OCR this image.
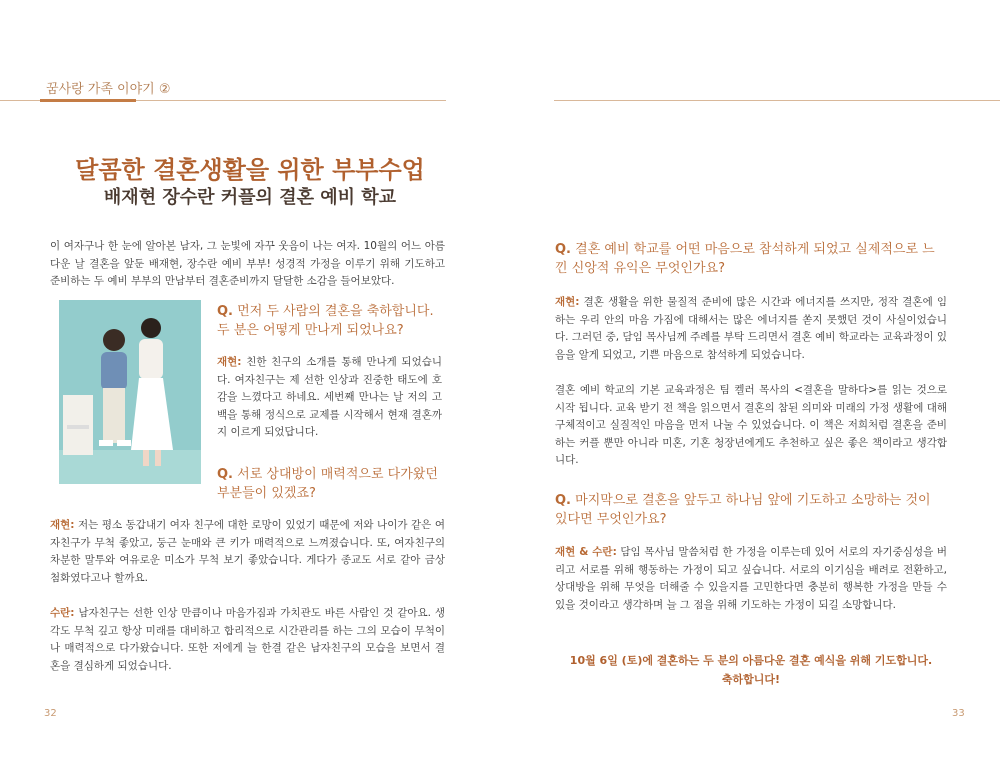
꿈사랑 가족 이야기 ②
달콤한 결혼생활을 위한 부부수업
배재현 장수란 커플의 결혼 예비 학교
이 여자구나 한 눈에 알아본 남자, 그 눈빛에 자꾸 웃음이 나는 여자. 10월의 어느 아름다운 날 결혼을 앞둔 배재현, 장수란 예비 부부! 성경적 가정을 이루기 위해 기도하고 준비하는 두 예비 부부의 만남부터 결혼준비까지 달달한 소감을 들어보았다.
Q. 먼저 두 사람의 결혼을 축하합니다. 두 분은 어떻게 만나게 되었나요?
재현: 친한 친구의 소개를 통해 만나게 되었습니다. 여자친구는 제 선한 인상과 진중한 태도에 호감을 느꼈다고 하네요. 세번째 만나는 날 저의 고백을 통해 정식으로 교제를 시작해서 현재 결혼까지 이르게 되었답니다.
Q. 서로 상대방이 매력적으로 다가왔던 부분들이 있겠죠?
재현: 저는 평소 동갑내기 여자 친구에 대한 로망이 있었기 때문에 저와 나이가 같은 여자친구가 무척 좋았고, 둥근 눈매와 큰 키가 매력적으로 느껴졌습니다. 또, 여자친구의 차분한 말투와 여유로운 미소가 무척 보기 좋았습니다. 게다가 종교도 서로 같아 금상첨화였다고나 할까요.
수란: 남자친구는 선한 인상 만큼이나 마음가짐과 가치관도 바른 사람인 것 같아요. 생각도 무척 깊고 항상 미래를 대비하고 합리적으로 시간관리를 하는 그의 모습이 무척이나 매력적으로 다가왔습니다. 또한 저에게 늘 한결 같은 남자친구의 모습을 보면서 결혼을 결심하게 되었습니다.
32
Q. 결혼 예비 학교를 어떤 마음으로 참석하게 되었고 실제적으로 느낀 신앙적 유익은 무엇인가요?
재현: 결혼 생활을 위한 물질적 준비에 많은 시간과 에너지를 쓰지만, 정작 결혼에 임하는 우리 안의 마음 가짐에 대해서는 많은 에너지를 쏟지 못했던 것이 사실이었습니다. 그러던 중, 담임 목사님께 주례를 부탁 드리면서 결혼 예비 학교라는 교육과정이 있음을 알게 되었고, 기쁜 마음으로 참석하게 되었습니다.
결혼 예비 학교의 기본 교육과정은 팀 켈러 목사의 <결혼을 말하다>를 읽는 것으로 시작 됩니다. 교육 받기 전 책을 읽으면서 결혼의 참된 의미와 미래의 가정 생활에 대해 구체적이고 실질적인 마음을 먼저 나눌 수 있었습니다. 이 책은 저희처럼 결혼을 준비하는 커플 뿐만 아니라 미혼, 기혼 청장년에게도 추천하고 싶은 좋은 책이라고 생각합니다.
Q. 마지막으로 결혼을 앞두고 하나님 앞에 기도하고 소망하는 것이 있다면 무엇인가요?
재현 & 수란: 담임 목사님 말씀처럼 한 가정을 이루는데 있어 서로의 자기중심성을 버리고 서로를 위해 행동하는 가정이 되고 싶습니다. 서로의 이기심을 배려로 전환하고, 상대방을 위해 무엇을 더해줄 수 있을지를 고민한다면 충분히 행복한 가정을 만들 수 있을 것이라고 생각하며 늘 그 점을 위해 기도하는 가정이 되길 소망합니다.
10월 6일 (토)에 결혼하는 두 분의 아름다운 결혼 예식을 위해 기도합니다.
축하합니다!
33
